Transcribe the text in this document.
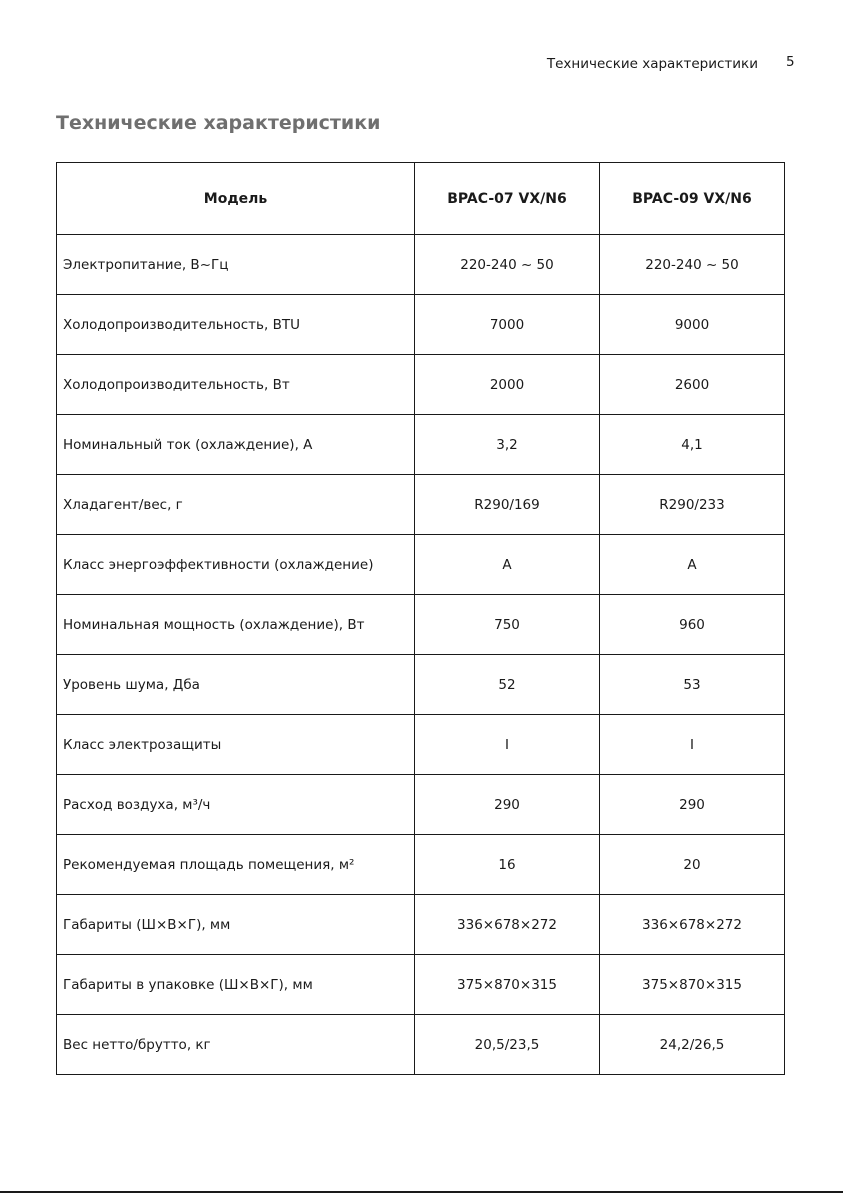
Технические характеристики 5
Технические характеристики
Модель	BPAC-07 VX/N6	BPAC-09 VX/N6
Электропитание, В~Гц	220-240 ~ 50	220-240 ~ 50
Холодопроизводительность, BTU	7000	9000
Холодопроизводительность, Вт	2000	2600
Номинальный ток (охлаждение), А	3,2	4,1
Хладагент/вес, г	R290/169	R290/233
Класс энергоэффективности (охлаждение)	A	A
Номинальная мощность (охлаждение), Вт	750	960
Уровень шума, Дба	52	53
Класс электрозащиты	I	I
Расход воздуха, м³/ч	290	290
Рекомендуемая площадь помещения, м²	16	20
Габариты (Ш×В×Г), мм	336×678×272	336×678×272
Габариты в упаковке (Ш×В×Г), мм	375×870×315	375×870×315
Вес нетто/брутто, кг	20,5/23,5	24,2/26,5
